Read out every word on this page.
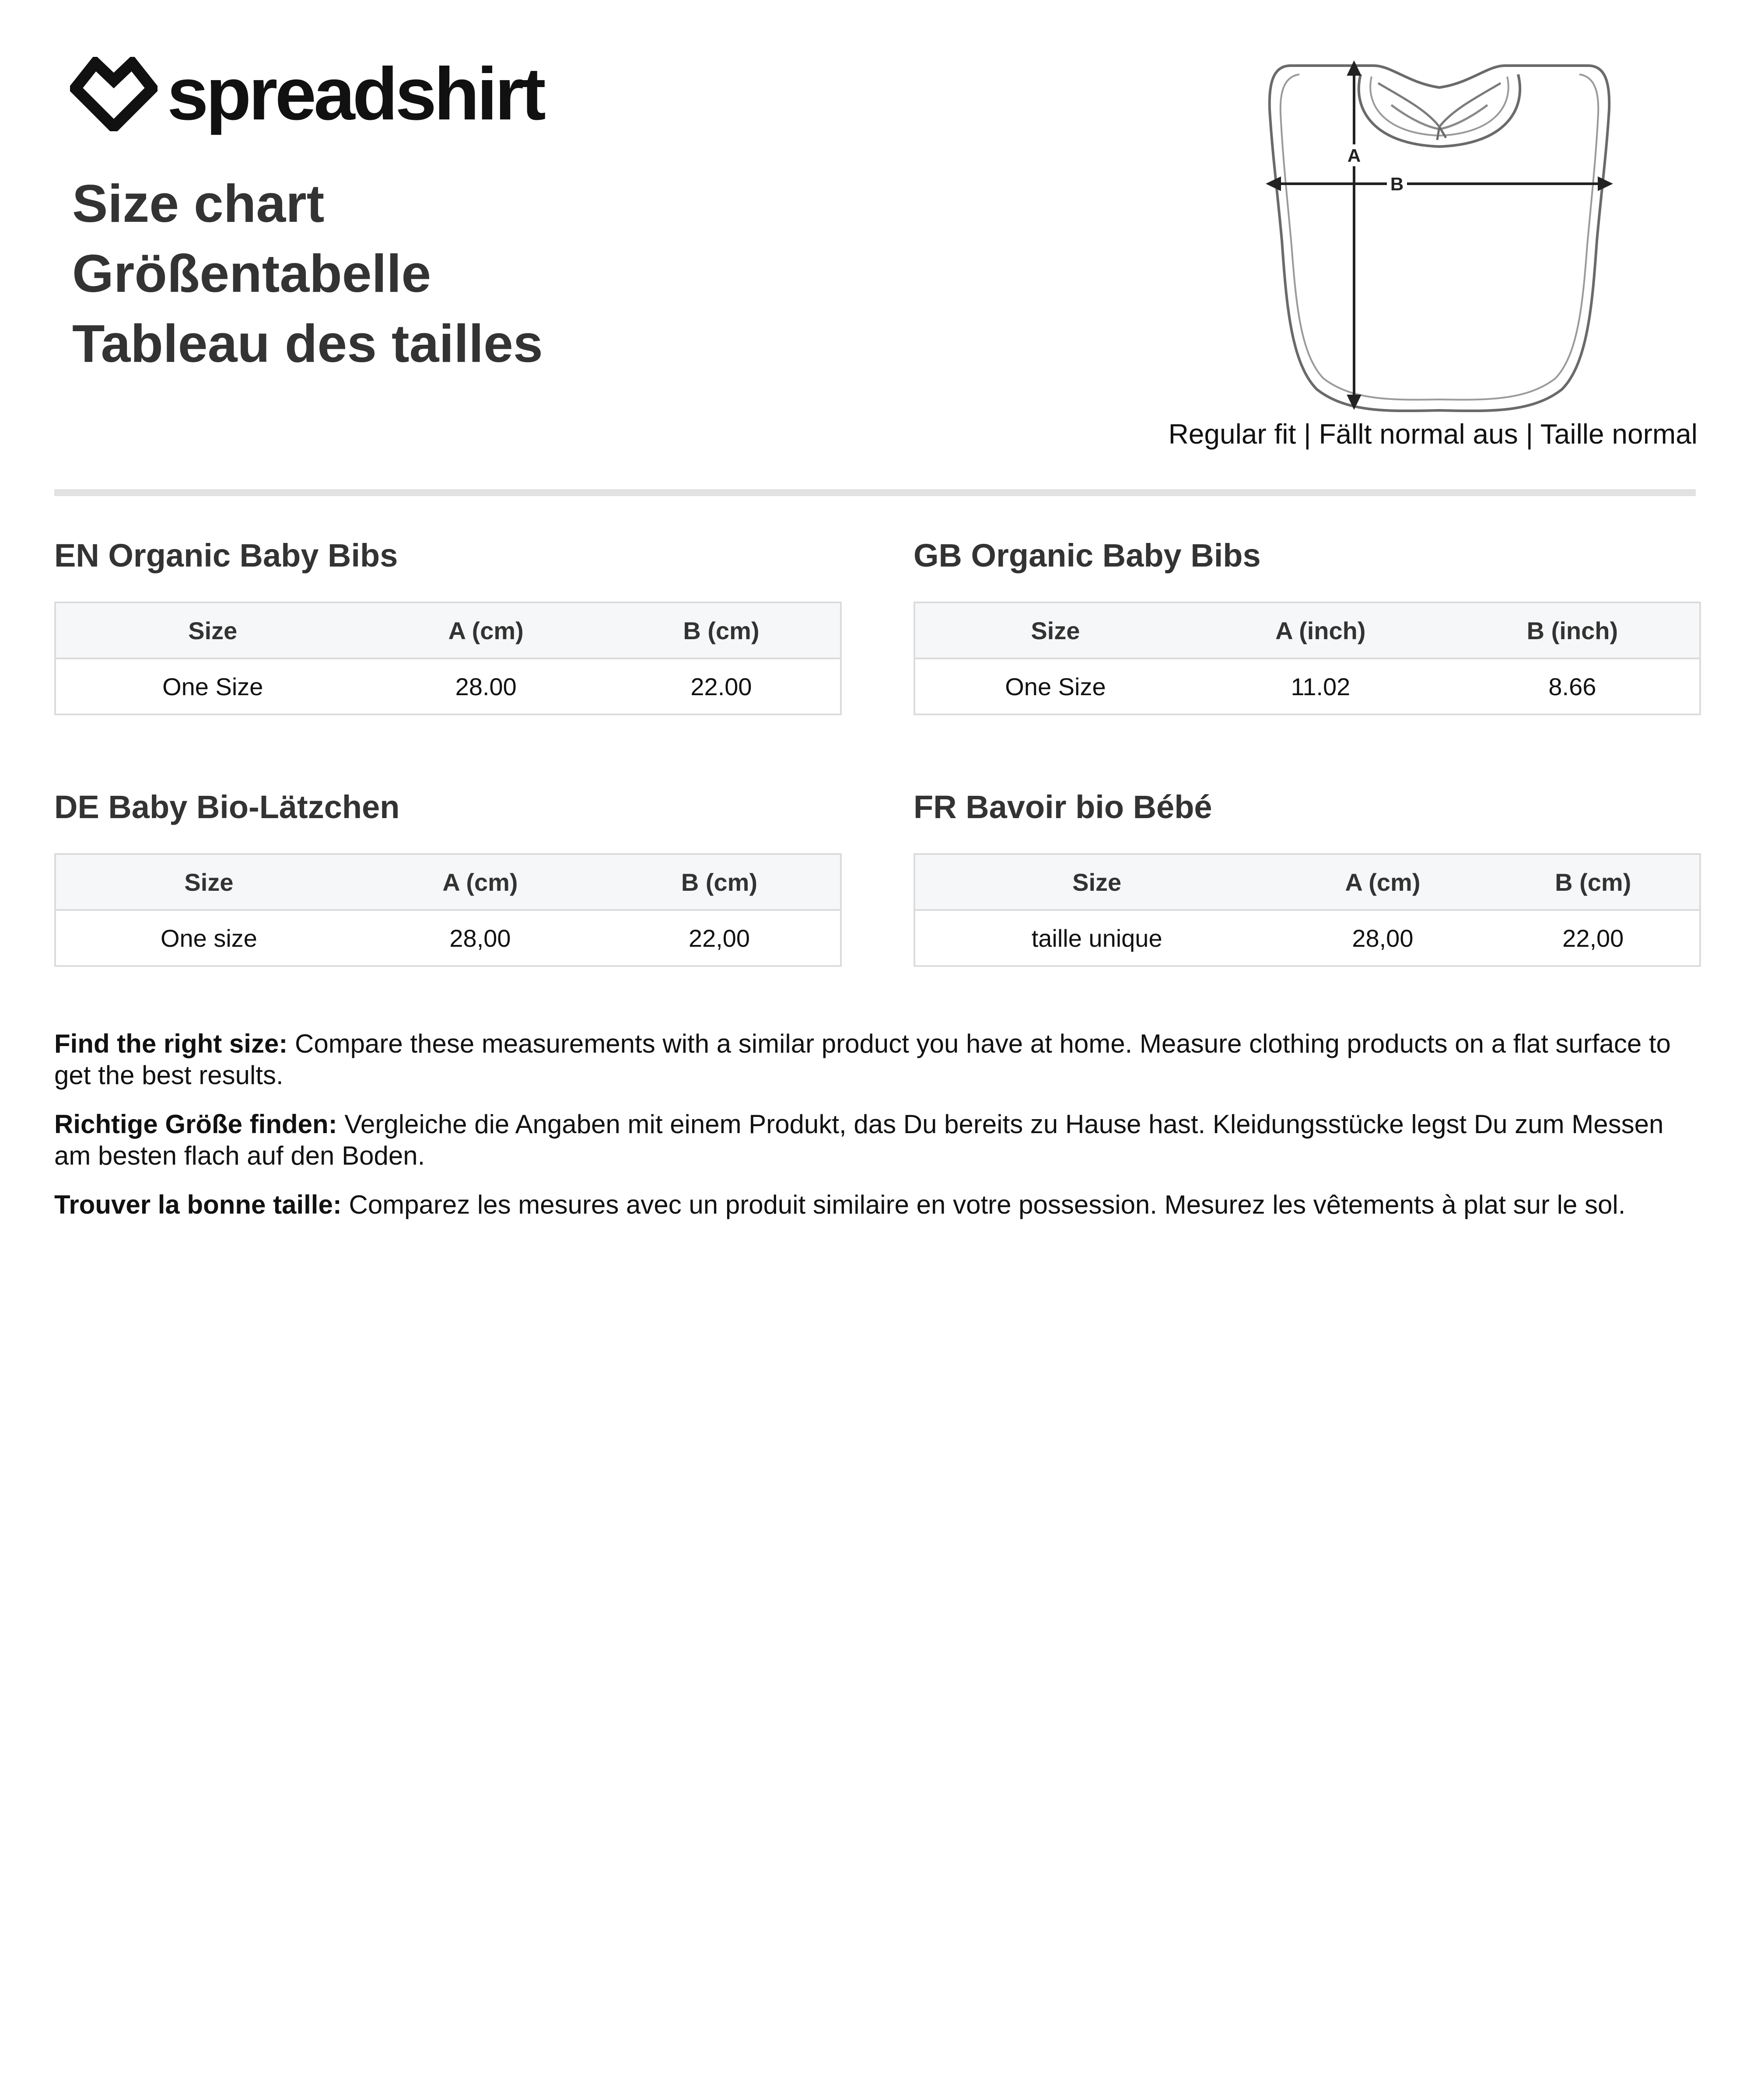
spreadshirt
Size chart
Größentabelle
Tableau des tailles
A
B
Regular fit | Fällt normal aus | Taille normal
EN Organic Baby Bibs
Size	A (cm)	B (cm)
One Size	28.00	22.00
GB Organic Baby Bibs
Size	A (inch)	B (inch)
One Size	11.02	8.66
DE Baby Bio-Lätzchen
Size	A (cm)	B (cm)
One size	28,00	22,00
FR Bavoir bio Bébé
Size	A (cm)	B (cm)
taille unique	28,00	22,00

Find the right size: Compare these measurements with a similar product you have at home. Measure clothing products on a flat surface to get the best results.

Richtige Größe finden: Vergleiche die Angaben mit einem Produkt, das Du bereits zu Hause hast. Kleidungsstücke legst Du zum Messen am besten flach auf den Boden.

Trouver la bonne taille: Comparez les mesures avec un produit similaire en votre possession. Mesurez les vêtements à plat sur le sol.
